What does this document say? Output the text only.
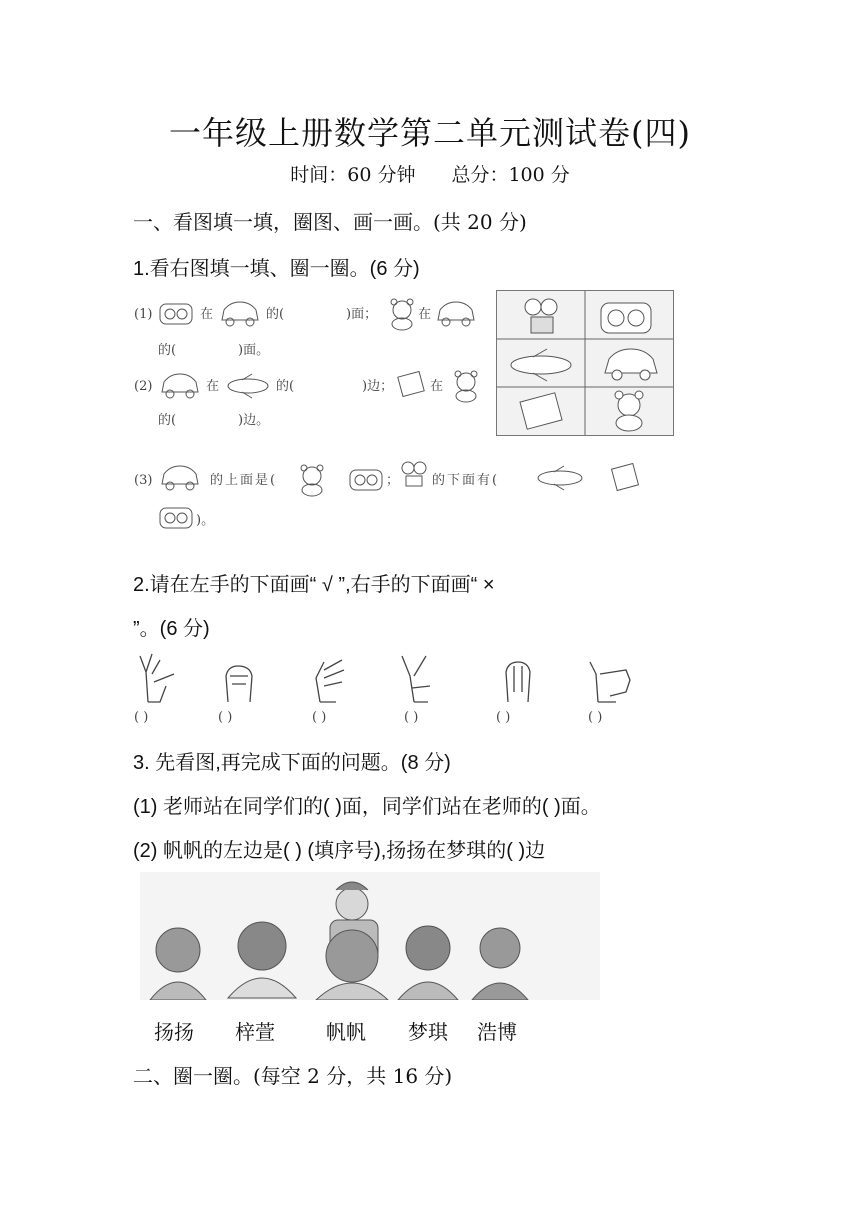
一年级上册数学第二单元测试卷(四)
时间：60 分钟 总分：100 分
一、看图填一填，圈图、画一画。(共 20 分)
1.看右图填一填、圈一圈。(6 分)
(1)	在	的(	)面；	在
的(	)面。
(2)	在	的(	)边；	在
的(	)边。
(3)	的上面是(	；	的下面有(
)。
2.请在左手的下面画“ √ ”,右手的下面画“ ×
”。(6 分)
( )	( )	( )	( )	( )	( )
3. 先看图,再完成下面的问题。(8 分)
(1) 老师站在同学们的( )面，同学们站在老师的( )面。
(2) 帆帆的左边是( ) (填序号),扬扬在梦琪的( )边
扬扬 梓萱	帆帆 梦琪 浩博
二、圈一圈。(每空 2 分，共 16 分)
